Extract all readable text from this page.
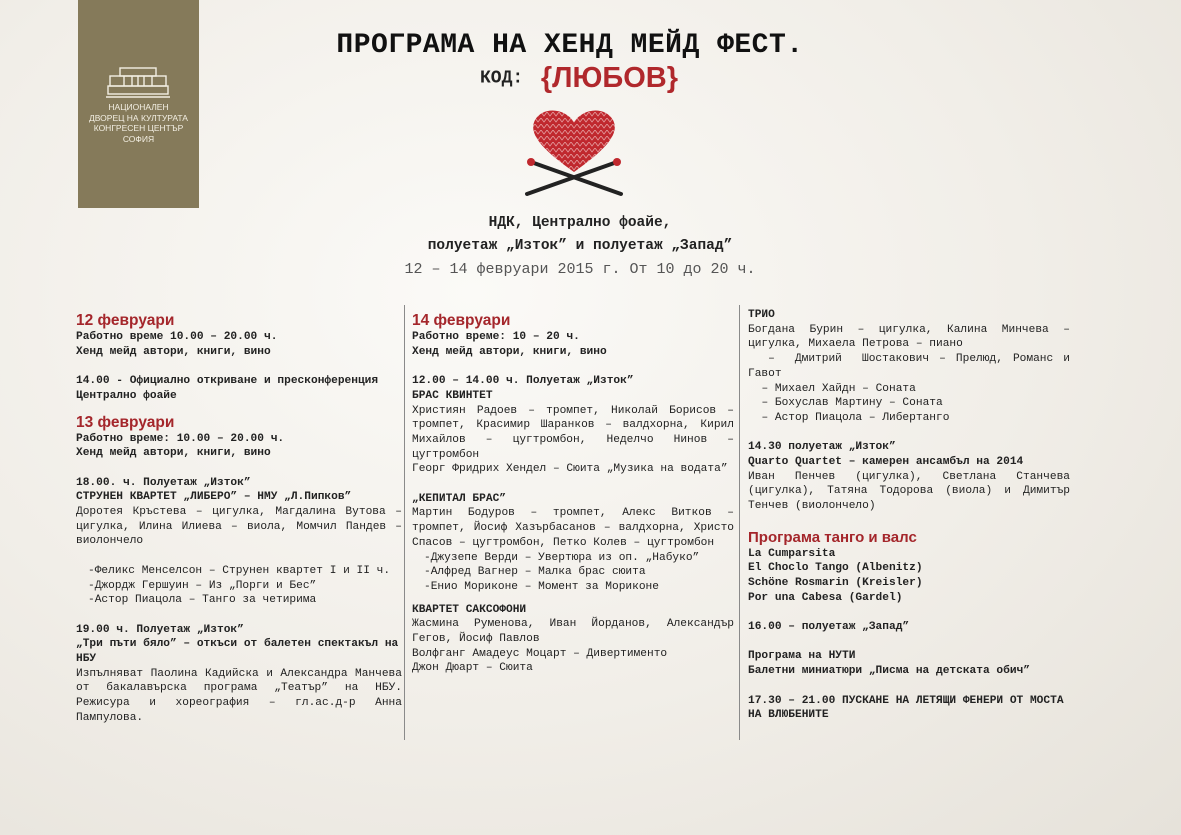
НАЦИОНАЛЕН
ДВОРЕЦ НА КУЛТУРАТА
КОНГРЕСЕН ЦЕНТЪР
СОФИЯ
ПРОГРАМА НА ХЕНД МЕЙД ФЕСТ.
КОД: {ЛЮБОВ}
НДК, Централно фоайе,
полуетаж „Изток” и полуетаж „Запад”
12 – 14 февруари 2015 г. От 10 до 20 ч.
12 февруари

Работно време 10.00 – 20.00 ч.

Хенд мейд автори, книги, вино

14.00 - Официално откриване и пресконференция

Централно фоайе

13 февруари

Работно време: 10.00 – 20.00 ч.

Хенд мейд автори, книги, вино

18.00. ч. Полуетаж „Изток”

СТРУНЕН КВАРТЕТ „ЛИБЕРО” – НМУ „Л.Пипков”

Доротея Кръстева – цигулка, Магдалина Вутова – цигулка, Илина Илиева – виола, Момчил Пандев – виолончело

-Феликс Менселсон – Струнен квартет I и II ч.

-Джордж Гершуин – Из „Порги и Бес”

-Астор Пиацола – Танго за четирима

19.00 ч. Полуетаж „Изток”

„Три пъти бяло” – откъси от балетен спектакъл на НБУ

Изпълняват Паолина Кадийска и Александра Манчева от бакалавърска програма „Театър” на НБУ. Режисура и хореография – гл.ас.д-р Анна Пампулова.

14 февруари

Работно време: 10 – 20 ч.

Хенд мейд автори, книги, вино

12.00 – 14.00 ч. Полуетаж „Изток”

БРАС КВИНТЕТ

Християн Радоев – тромпет, Николай Борисов – тромпет, Красимир Шаранков – валдхорна, Кирил Михайлов – цугтромбон, Неделчо Нинов – цугтромбон

Георг Фридрих Хендел – Сюита „Музика на водата”

„КЕПИТАЛ БРАС”

Мартин Бодуров – тромпет, Алекс Витков – тромпет, Йосиф Хазърбасанов – валдхорна, Христо Спасов – цугтромбон, Петко Колев – цугтромбон

-Джузепе Верди – Увертюра из оп. „Набуко”

-Алфред Вагнер – Малка брас сюита

-Енио Мориконе – Момент за Мориконе

КВАРТЕТ САКСОФОНИ

Жасмина Руменова, Иван Йорданов, Александър Гегов, Йосиф Павлов

Волфганг Амадеус Моцарт – Дивертименто

Джон Дюарт – Сюита

ТРИО

Богдана Бурин – цигулка, Калина Минчева – цигулка, Михаела Петрова – пиано

–  Дмитрий  Шостакович – Прелюд, Романс и Гавот

– Михаел Хайдн – Соната

– Бохуслав Мартину – Соната

– Астор Пиацола – Либертанго

14.30 полуетаж „Изток”

Quarto Quartet – камерен ансамбъл на 2014

Иван Пенчев (цигулка), Светлана Станчева (цигулка), Татяна Тодорова (виола) и Димитър Тенчев (виолончело)

Програма танго и валс

La Cumparsita

El Choclo Tango (Albenitz)

Schöne Rosmarin (Kreisler)

Por una Cabesa (Gardel)

16.00 – полуетаж „Запад”

Програма на НУТИ

Балетни миниатюри „Писма на детската обич”

17.30 – 21.00 ПУСКАНЕ НА ЛЕТЯЩИ ФЕНЕРИ ОТ МОСТА НА ВЛЮБЕНИТЕ
